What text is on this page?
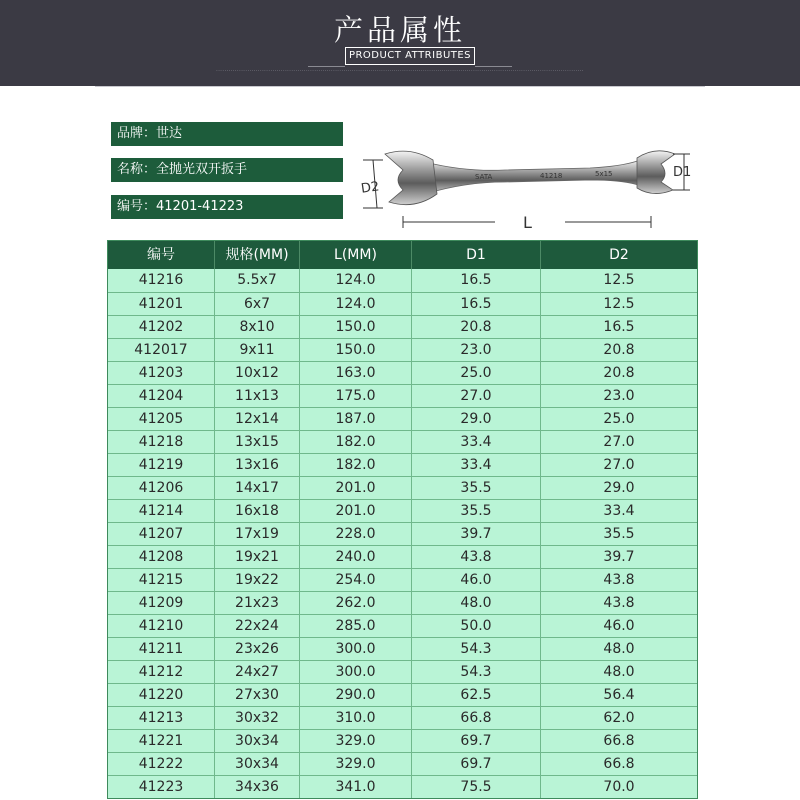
产品属性
PRODUCT ATTRIBUTES
................................................................................................................................................................................
品牌：世达
名称：全抛光双开扳手
编号：41201-41223
SATA	41218	5x15
D2
D1
L
编号	规格(MM)	L(MM)	D1	D2
41216	5.5x7	124.0	16.5	12.5
41201	6x7	124.0	16.5	12.5
41202	8x10	150.0	20.8	16.5
412017	9x11	150.0	23.0	20.8
41203	10x12	163.0	25.0	20.8
41204	11x13	175.0	27.0	23.0
41205	12x14	187.0	29.0	25.0
41218	13x15	182.0	33.4	27.0
41219	13x16	182.0	33.4	27.0
41206	14x17	201.0	35.5	29.0
41214	16x18	201.0	35.5	33.4
41207	17x19	228.0	39.7	35.5
41208	19x21	240.0	43.8	39.7
41215	19x22	254.0	46.0	43.8
41209	21x23	262.0	48.0	43.8
41210	22x24	285.0	50.0	46.0
41211	23x26	300.0	54.3	48.0
41212	24x27	300.0	54.3	48.0
41220	27x30	290.0	62.5	56.4
41213	30x32	310.0	66.8	62.0
41221	30x34	329.0	69.7	66.8
41222	30x34	329.0	69.7	66.8
41223	34x36	341.0	75.5	70.0
